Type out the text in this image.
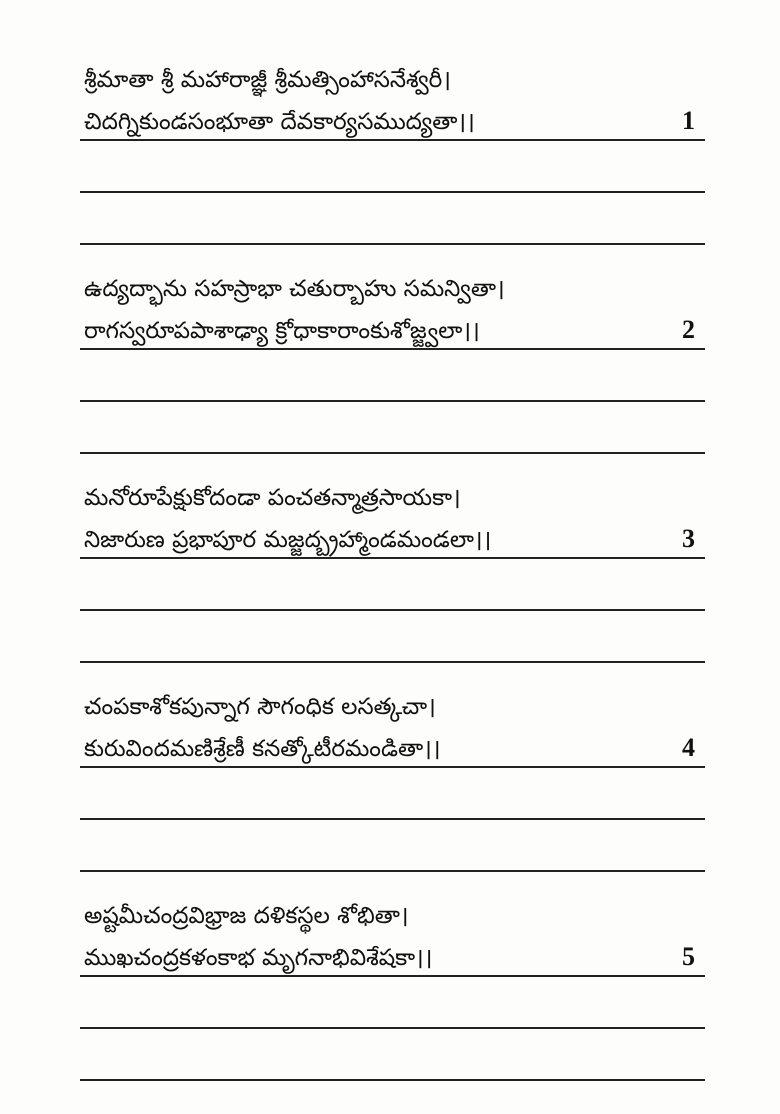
శ్రీమాతా శ్రీ మహారాజ్ఞీ శ్రీమత్సింహాసనేశ్వరీ।
చిదగ్నికుండసంభూతా దేవకార్యసముద్యతా।।	1
ఉద్యద్భాను సహస్రాభా చతుర్బాహు సమన్వితా।
రాగస్వరూపపాశాఢ్యా క్రోధాకారాంకుశోజ్జ్వలా।।	2
మనోరూపేక్షుకోదండా పంచతన్మాత్రసాయకా।
నిజారుణ ప్రభాపూర మజ్జద్బ్రహ్మాండమండలా।।	3
చంపకాశోకపున్నాగ సౌగంధిక లసత్కచా।
కురువిందమణిశ్రేణీ కనత్కోటీరమండితా।।	4
అష్టమీచంద్రవిభ్రాజ దళికస్థల శోభితా।
ముఖచంద్రకళంకాభ మృగనాభివిశేషకా।।	5
